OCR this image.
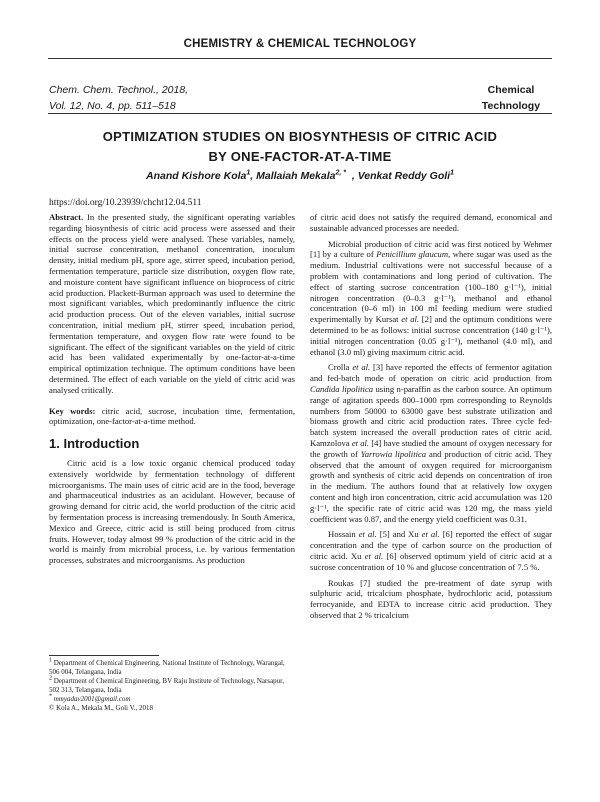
CHEMISTRY & CHEMICAL TECHNOLOGY
Chem. Chem. Technol., 2018,
Vol. 12, No. 4, pp. 511–518
Chemical
Technology
OPTIMIZATION STUDIES ON BIOSYNTHESIS OF CITRIC ACID
BY ONE-FACTOR-AT-A-TIME
Anand Kishore Kola$^1$, Mallaiah Mekala$^{2, *}$  , Venkat Reddy Goli$^1$
https://doi.org/10.23939/chcht12.04.511

Abstract. In the presented study, the significant operating variables regarding biosynthesis of citric acid process were assessed and their effects on the process yield were analysed. These variables, namely, initial sucrose concentration, methanol concentration, inoculum density, initial medium pH, spore age, stirrer speed, incubation period, fermentation temperature, particle size distribution, oxygen flow rate, and moisture content have significant influence on bioprocess of citric acid production. Plackett-Burman approach was used to determine the most significant variables, which predominantly influence the citric acid production process. Out of the eleven variables, initial sucrose concentration, initial medium pH, stirrer speed, incubation period, fermentation temperature, and oxygen flow rate were found to be significant. The effect of the significant variables on the yield of citric acid has been validated experimentally by one-factor-at-a-time empirical optimization technique. The optimum conditions have been determined. The effect of each variable on the yield of citric acid was analysed critically.

Key words: citric acid, sucrose, incubation time, fermentation, optimization, one-factor-at-a-time method.

1. Introduction

Citric acid is a low toxic organic chemical produced today extensively worldwide by fermentation technology of different microorganisms. The main uses of citric acid are in the food, beverage and pharmaceutical industries as an acidulant. However, because of growing demand for citric acid, the world production of the citric acid by fermentation process is increasing tremendously. In South America, Mexico and Greece, citric acid is still being produced from citrus fruits. However, today almost 99 % production of the citric acid in the world is mainly from microbial process, i.e. by various fermentation processes, substrates and microorganisms. As production

of citric acid does not satisfy the required demand, economical and sustainable advanced processes are needed.

Microbial production of citric acid was first noticed by Wehmer [1] by a culture of Penicillium glaucum, where sugar was used as the medium. Industrial cultivations were not successful because of a problem with contaminations and long period of cultivation. The effect of starting sucrose concentration (100–180 g·l⁻¹), initial nitrogen concentration (0–0.3 g·l⁻¹), methanol and ethanol concentration (0–6 ml) in 100 ml feeding medium were studied experimentally by Kursat et al. [2] and the optimum conditions were determined to be as follows: initial sucrose concentration (140 g·l⁻¹), initial nitrogen concentration (0.05 g·l⁻¹), methanol (4.0 ml), and ethanol (3.0 ml) giving maximum citric acid.

Crolla et al. [3] have reported the effects of fermentor agitation and fed-batch mode of operation on citric acid production from Candida lipolitica using n-paraffin as the carbon source. An optimum range of agitation speeds 800–1000 rpm corresponding to Reynolds numbers from 50000 to 63000 gave best substrate utilization and biomass growth and citric acid production rates. Three cycle fed-batch system increased the overall production rates of citric acid. Kamzolova et al. [4] have studied the amount of oxygen necessary for the growth of Yarrowia lipolitica and production of citric acid. They observed that the amount of oxygen required for microorganism growth and synthesis of citric acid depends on concentration of iron in the medium. The authors found that at relatively low oxygen content and high iron concentration, citric acid accumulation was 120 g·l⁻¹, the specific rate of citric acid was 120 mg, the mass yield coefficient was 0.87, and the energy yield coefficient was 0.31.

Hossain et al. [5] and Xu et al. [6] reported the effect of sugar concentration and the type of carbon source on the production of citric acid. Xu et al. [6] observed optimum yield of citric acid at a sucrose concentration of 10 % and glucose concentration of 7.5 %.

Roukas [7] studied the pre-treatment of date syrup with sulphuric acid, tricalcium phosphate, hydrochloric acid, potassium ferrocyanide, and EDTA to increase citric acid production. They observed that 2 % tricalcium

$^1$ Department of Chemical Engineering, National Institute of Technology, Warangal, 506 004, Telangana, India
$^2$ Department of Chemical Engineering, BV Raju Institute of Technology, Narsapur, 502 313, Telangana, India
* mmyadav2001@gmail.com
© Kola A., Mekala M., Goli V., 2018
